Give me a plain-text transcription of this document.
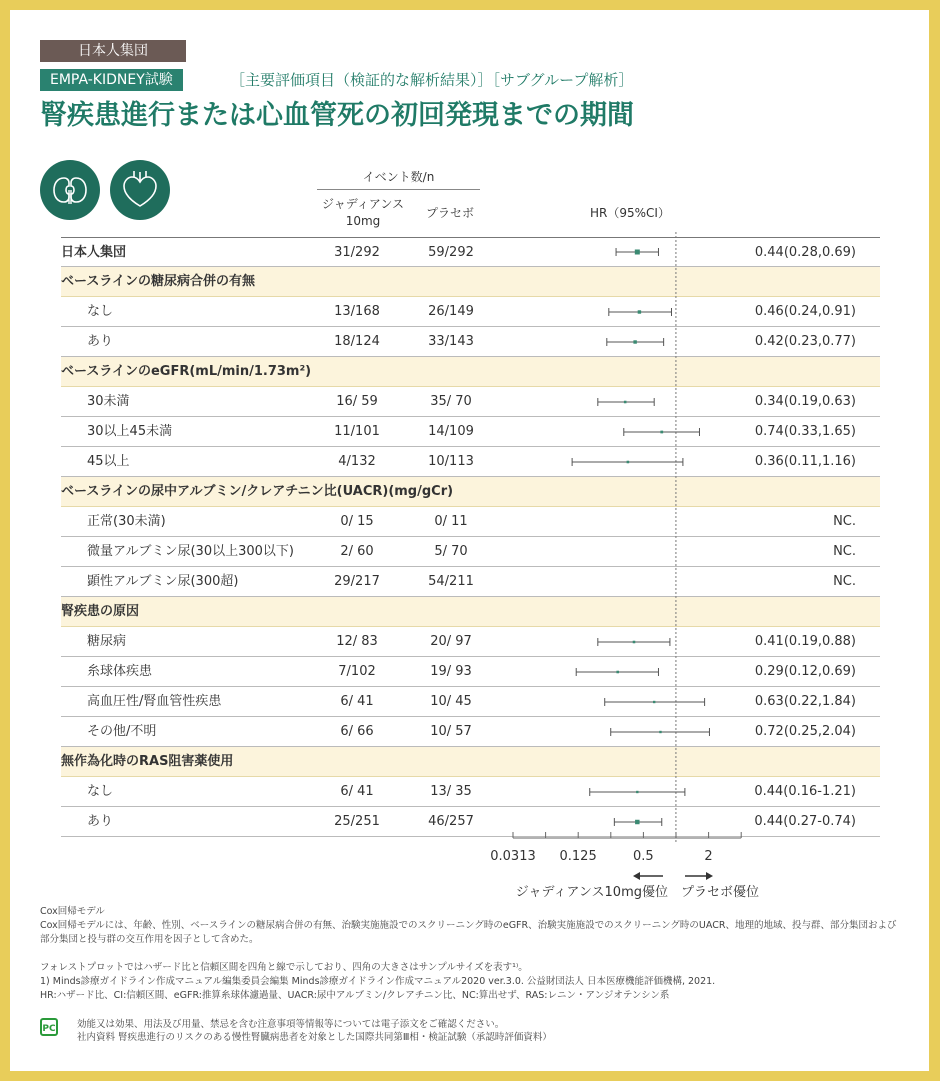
日本人集団
EMPA-KIDNEY試験	［主要評価項目（検証的な解析結果）］［サブグループ解析］
腎疾患進行または心血管死の初回発現までの期間
イベント数/n
ジャディアンス
10mg
プラセボ	HR（95%CI）
日本人集団	31/292	59/292	0.44(0.28,0.69)
ベースラインの糖尿病合併の有無
なし	13/168	26/149	0.46(0.24,0.91)
あり	18/124	33/143	0.42(0.23,0.77)
ベースラインのeGFR(mL/min/1.73m²)
30未満	16/ 59	35/ 70	0.34(0.19,0.63)
30以上45未満	11/101	14/109	0.74(0.33,1.65)
45以上	4/132	10/113	0.36(0.11,1.16)
ベースラインの尿中アルブミン/クレアチニン比(UACR)(mg/gCr)
正常(30未満)	0/ 15	0/ 11	NC.
微量アルブミン尿(30以上300以下)	2/ 60	5/ 70	NC.
顕性アルブミン尿(300超)	29/217	54/211	NC.
腎疾患の原因
糖尿病	12/ 83	20/ 97	0.41(0.19,0.88)
糸球体疾患	7/102	19/ 93	0.29(0.12,0.69)
高血圧性/腎血管性疾患	6/ 41	10/ 45	0.63(0.22,1.84)
その他/不明	6/ 66	10/ 57	0.72(0.25,2.04)
無作為化時のRAS阻害薬使用
なし	6/ 41	13/ 35	0.44(0.16-1.21)
あり	25/251	46/257	0.44(0.27-0.74)
0.0313 0.125	0.5	2
ジャディアンス10mg優位 プラセボ優位
Cox回帰モデル
Cox回帰モデルには、年齢、性別、ベースラインの糖尿病合併の有無、治験実施施設でのスクリーニング時のeGFR、治験実施施設でのスクリーニング時のUACR、地理的地域、投与群、部分集団および
部分集団と投与群の交互作用を因子として含めた。

フォレストプロットではハザード比と信頼区間を四角と線で示しており、四角の大きさはサンプルサイズを表す¹⁾。
1) Minds診療ガイドライン作成マニュアル編集委員会編集 Minds診療ガイドライン作成マニュアル2020 ver.3.0. 公益財団法人 日本医療機能評価機構, 2021.
HR:ハザード比、CI:信頼区間、eGFR:推算糸球体濾過量、UACR:尿中アルブミン/クレアチニン比、NC:算出せず、RAS:レニン・アンジオテンシン系
PC 効能又は効果、用法及び用量、禁忌を含む注意事項等情報等については電子添文をご確認ください。
社内資料 腎疾患進行のリスクのある慢性腎臓病患者を対象とした国際共同第Ⅲ相・検証試験（承認時評価資料）
